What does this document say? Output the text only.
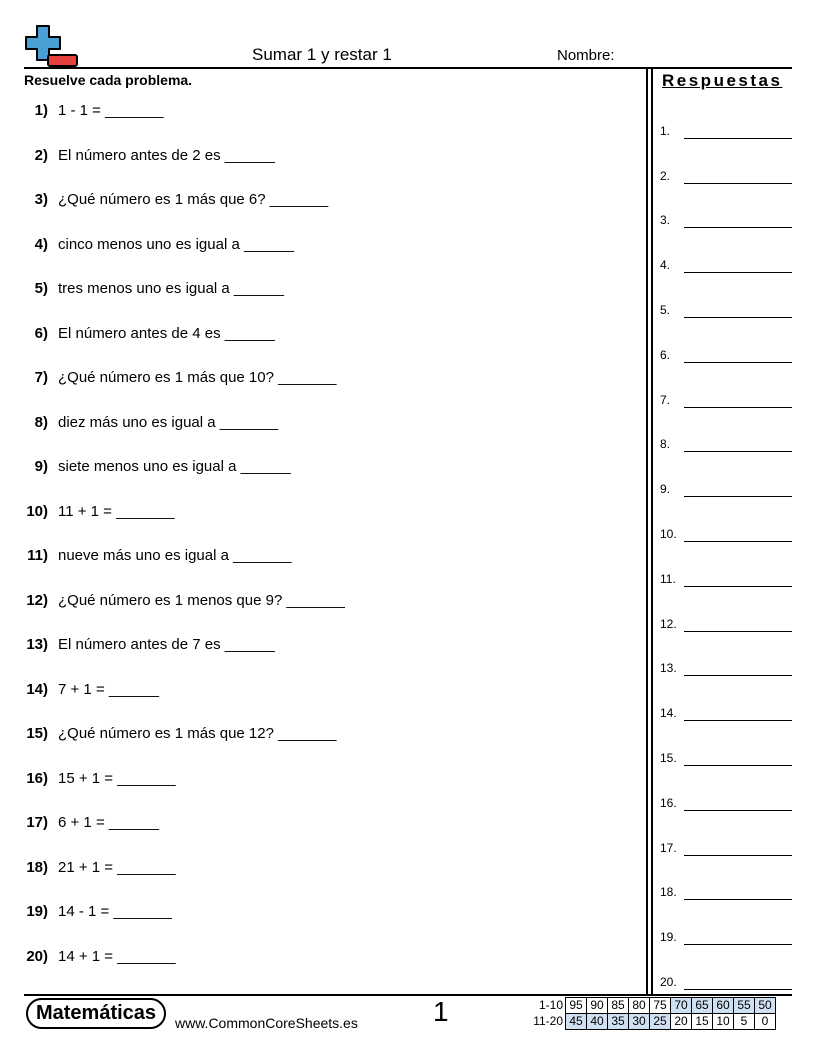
Sumar 1 y restar 1	Nombre:
Resuelve cada problema.	Respuestas
1) 1 - 1 = _______
2) El número antes de 2 es ______
3) ¿Qué número es 1 más que 6? _______
4) cinco menos uno es igual a ______
5) tres menos uno es igual a ______
6) El número antes de 4 es ______
7) ¿Qué número es 1 más que 10? _______
8) diez más uno es igual a _______
9) siete menos uno es igual a ______
10) 11 + 1 = _______
11) nueve más uno es igual a _______
12) ¿Qué número es 1 menos que 9? _______
13) El número antes de 7 es ______
14) 7 + 1 = ______
15) ¿Qué número es 1 más que 12? _______
16) 15 + 1 = _______
17) 6 + 1 = ______
18) 21 + 1 = _______
19) 14 - 1 = _______
20) 14 + 1 = _______
1.
2.
3.
4.
5.
6.
7.
8.
9.
10.
11.
12.
13.
14.
15.
16.
17.
18.
19.
20.
Matemáticas	www.CommonCoreSheets.es	1	1-10	95	90	85	80	75	70	65	60	55	50
11-20	45	40	35	30	25	20	15	10	5	0
